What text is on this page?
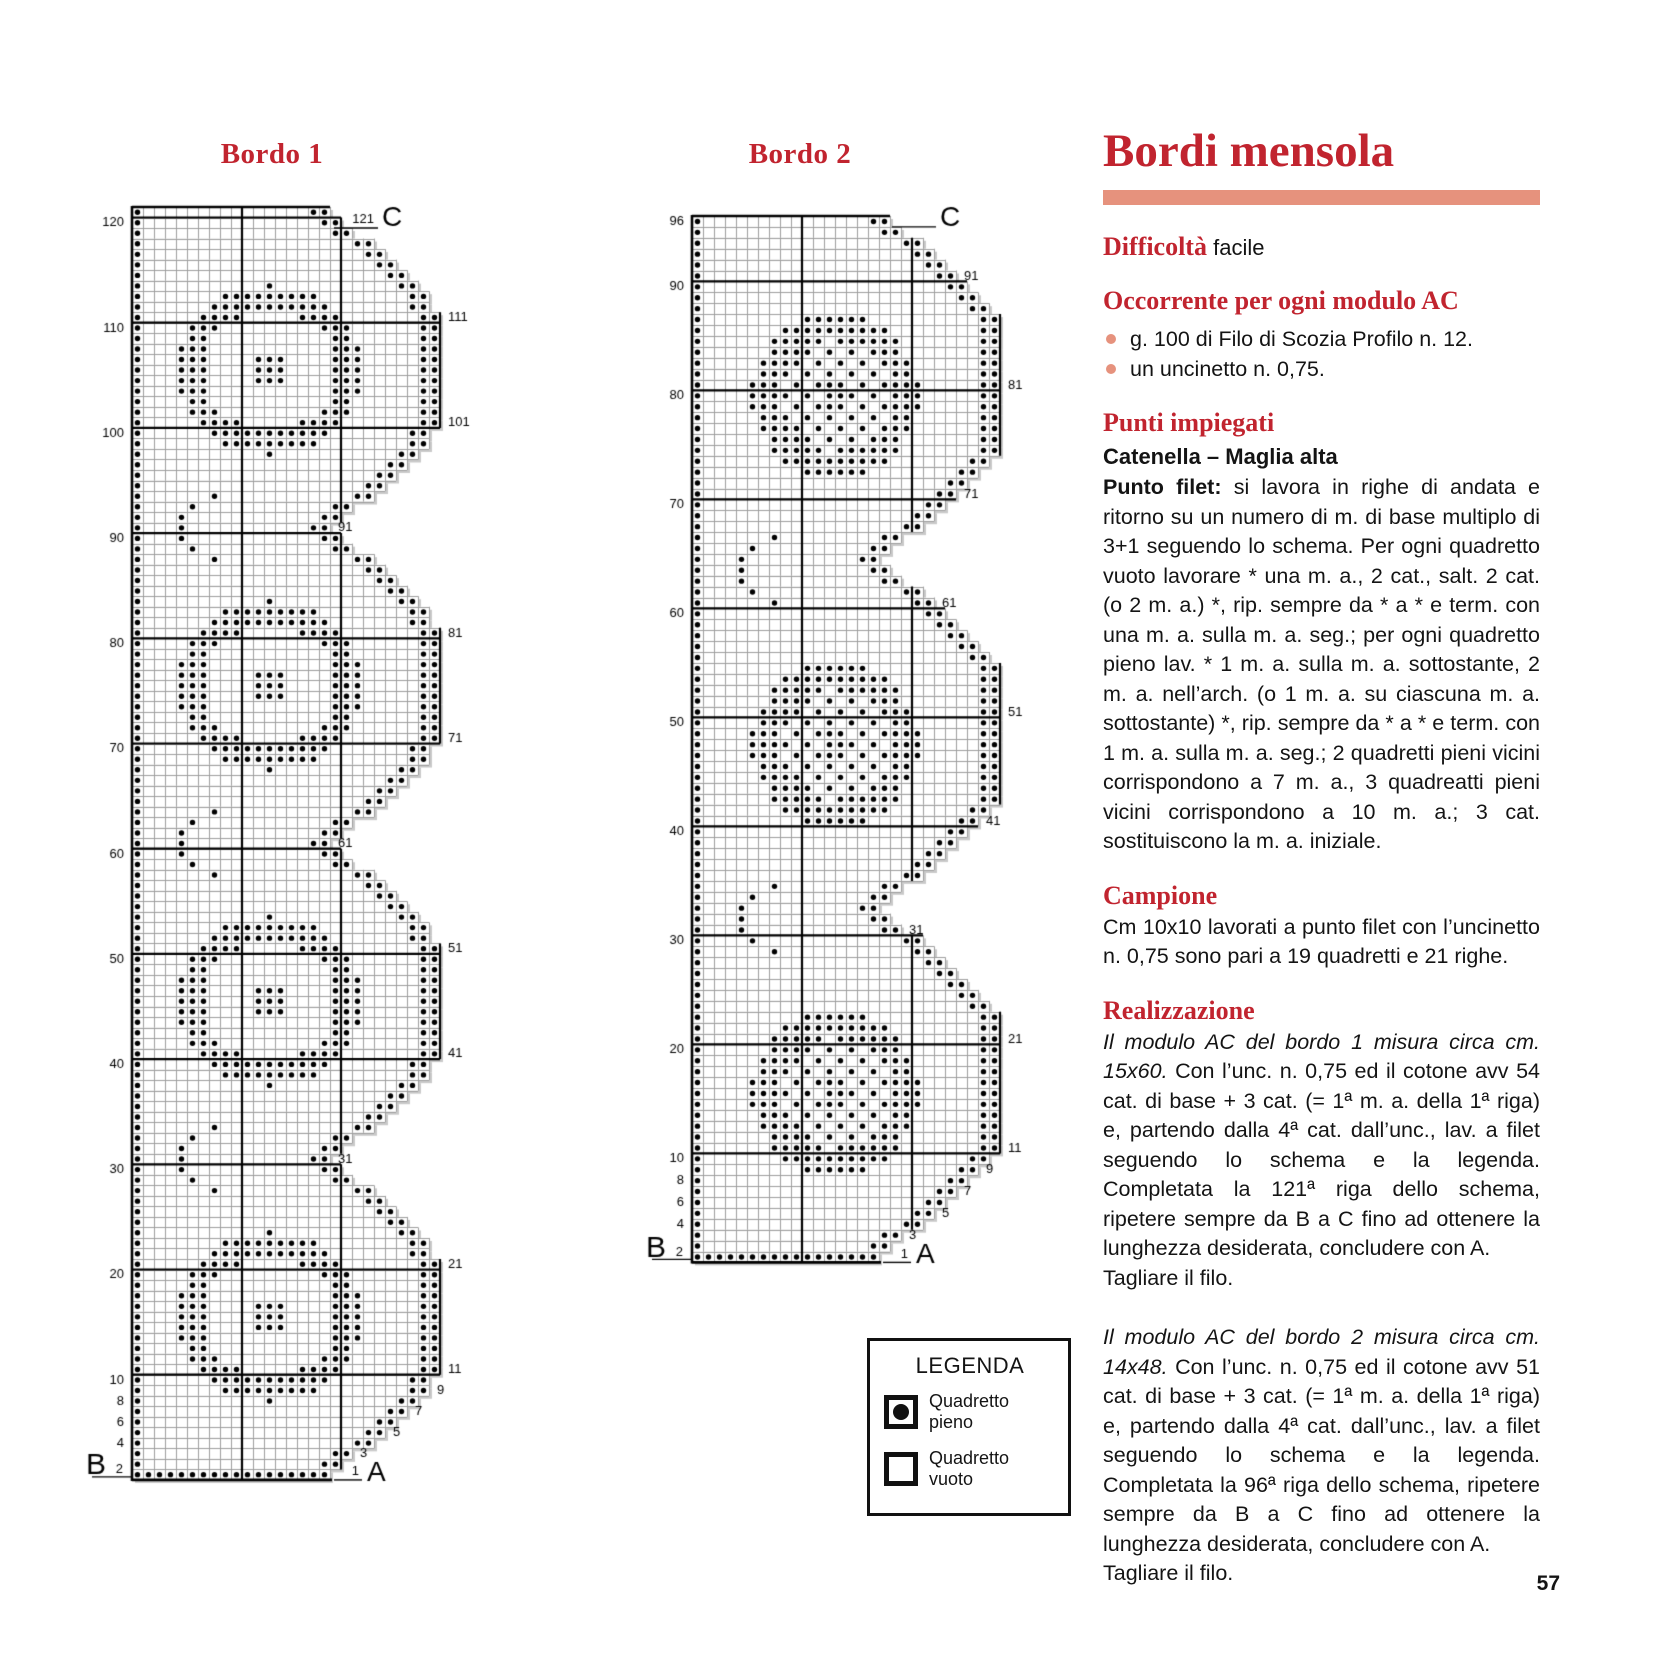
Bordo 1	Bordo 2
LEGENDA
Quadretto pieno
Quadretto vuoto
Bordi mensola
Difficoltà facile
Occorrente per ogni modulo AC
g. 100 di Filo di Scozia Profilo n. 12.
un uncinetto n. 0,75.
Punti impiegati

Catenella – Maglia alta

Punto filet: si lavora in righe di andata e ritorno su un numero di m. di base multiplo di 3+1 seguendo lo schema. Per ogni quadretto vuoto lavorare * una m. a., 2 cat., salt. 2 cat. (o 2 m. a.) *, rip. sempre da * a * e term. con una m. a. sulla m. a. seg.; per ogni quadretto pieno lav. * 1 m. a. sulla m. a. sottostante, 2 m. a. nell’arch. (o 1 m. a. su ciascuna m. a. sottostante) *, rip. sempre da * a * e term. con 1 m. a. sulla m. a. seg.; 2 quadretti pieni vicini corrispondono a 7 m. a., 3 quadreatti pieni vicini corrispondono a 10 m. a.; 3 cat. sostituiscono la m. a. iniziale.

Campione

Cm 10x10 lavorati a punto filet con l’uncinetto n. 0,75 sono pari a 19 quadretti e 21 righe.

Realizzazione

Il modulo AC del bordo 1 misura circa cm. 15x60. Con l’unc. n. 0,75 ed il cotone avv 54 cat. di base + 3 cat. (= 1ª m. a. della 1ª riga) e, partendo dalla 4ª cat. dall’unc., lav. a filet seguendo lo schema e la legenda. Completata la 121ª riga dello schema, ripetere sempre da B a C fino ad ottenere la lunghezza desiderata, concludere con A.
Tagliare il filo.

Il modulo AC del bordo 2 misura circa cm. 14x48. Con l’unc. n. 0,75 ed il cotone avv 51 cat. di base + 3 cat. (= 1ª m. a. della 1ª riga) e, partendo dalla 4ª cat. dall’unc., lav. a filet seguendo lo schema e la legenda. Completata la 96ª riga dello schema, ripetere sempre da B a C fino ad ottenere la lunghezza desiderata, concludere con A.
Tagliare il filo.	57
